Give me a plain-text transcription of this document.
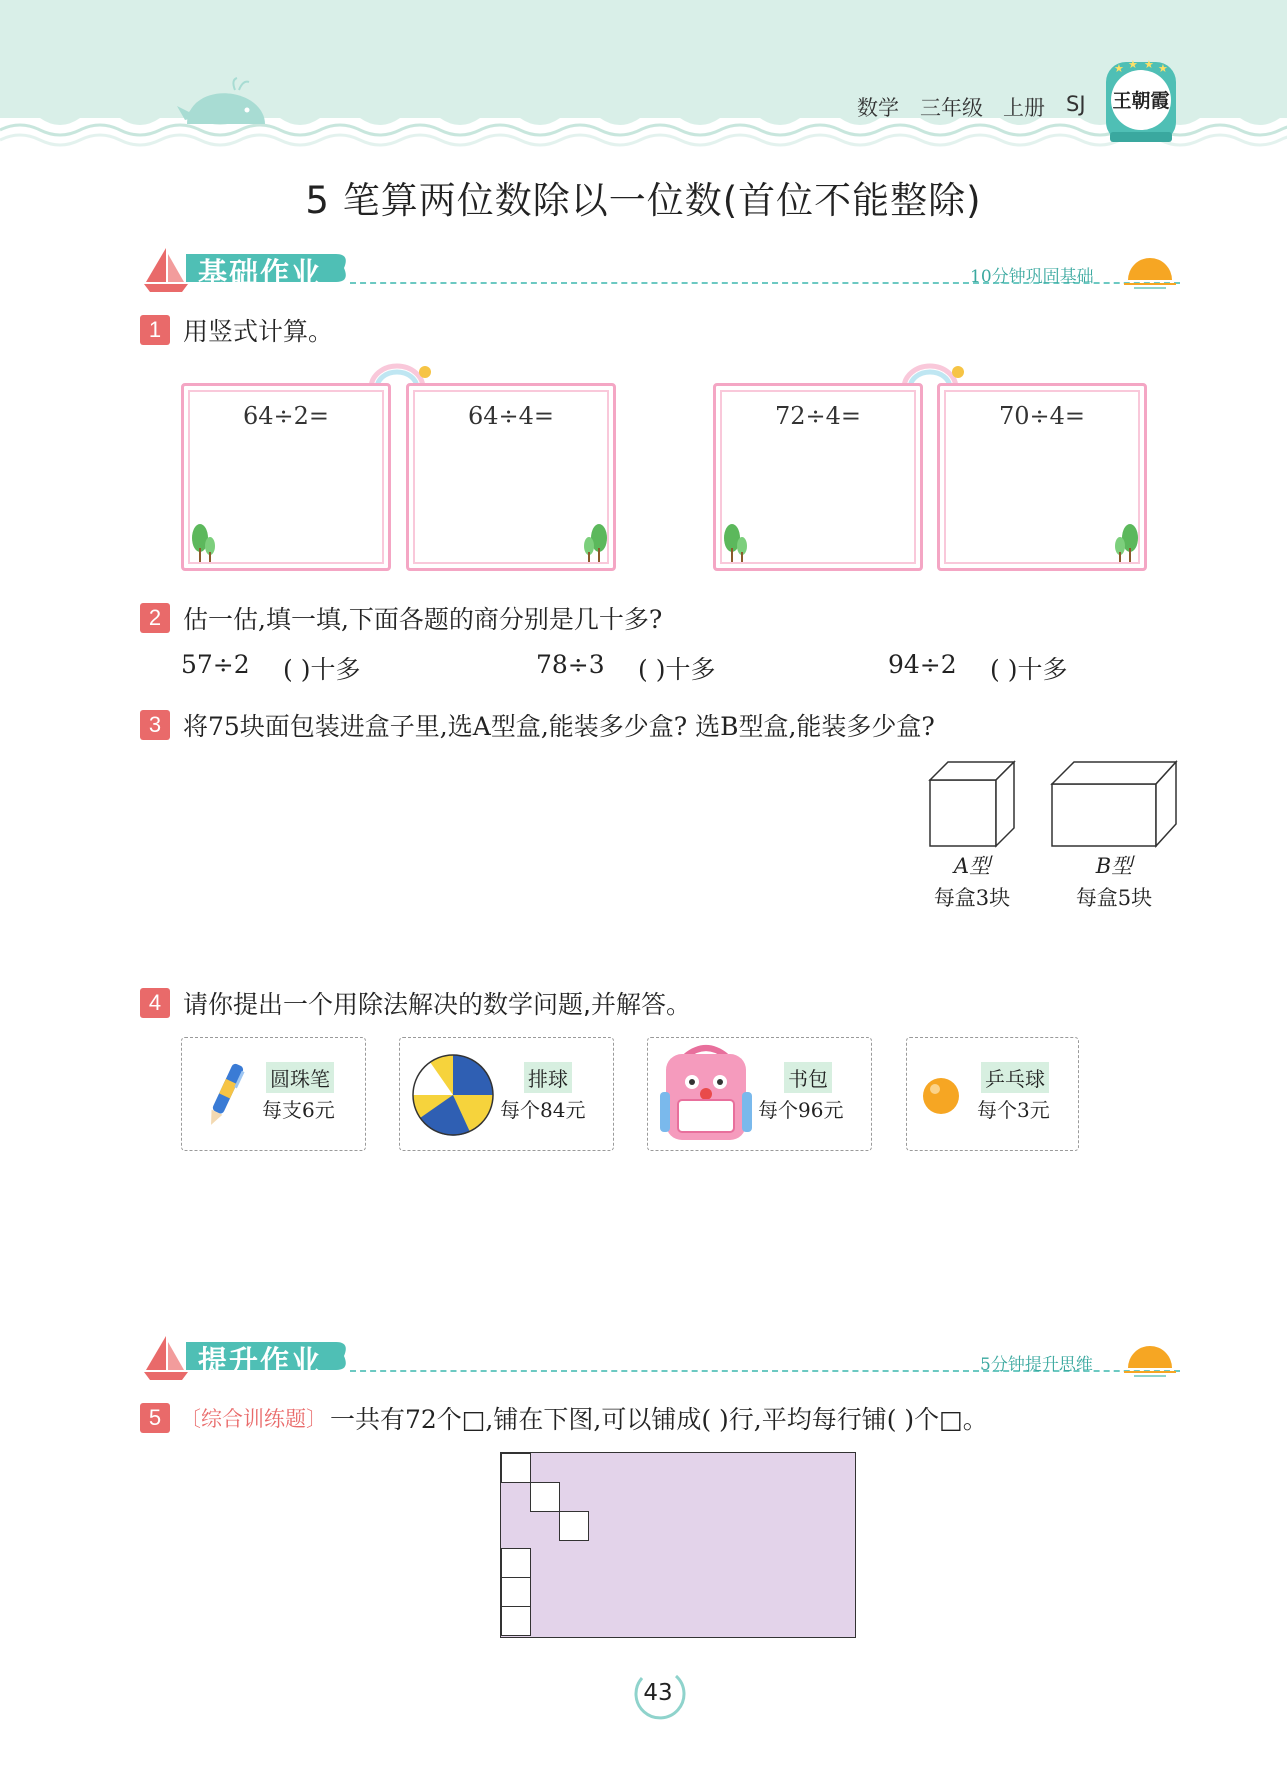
数学 三年级 上册 SJ
★ ★ ★ ★
王朝霞
5 笔算两位数除以一位数(首位不能整除)
基础作业	10分钟巩固基础
1 用竖式计算。
64÷2=	64÷4=	72÷4=	70÷4=
2 估一估,填一填,下面各题的商分别是几十多?
57÷2 ( )十多	78÷3 ( )十多	94÷2 ( )十多
3 将75块面包装进盒子里,选A型盒,能装多少盒? 选B型盒,能装多少盒?
A型
每盒3块
B型
每盒5块
4 请你提出一个用除法解决的数学问题,并解答。
圆珠笔
每支6元
排球
每个84元
书包
每个96元
乒乓球
每个3元
提升作业	5分钟提升思维
5 〔综合训练题〕 一共有72个□,铺在下图,可以铺成( )行,平均每行铺( )个□。
43
